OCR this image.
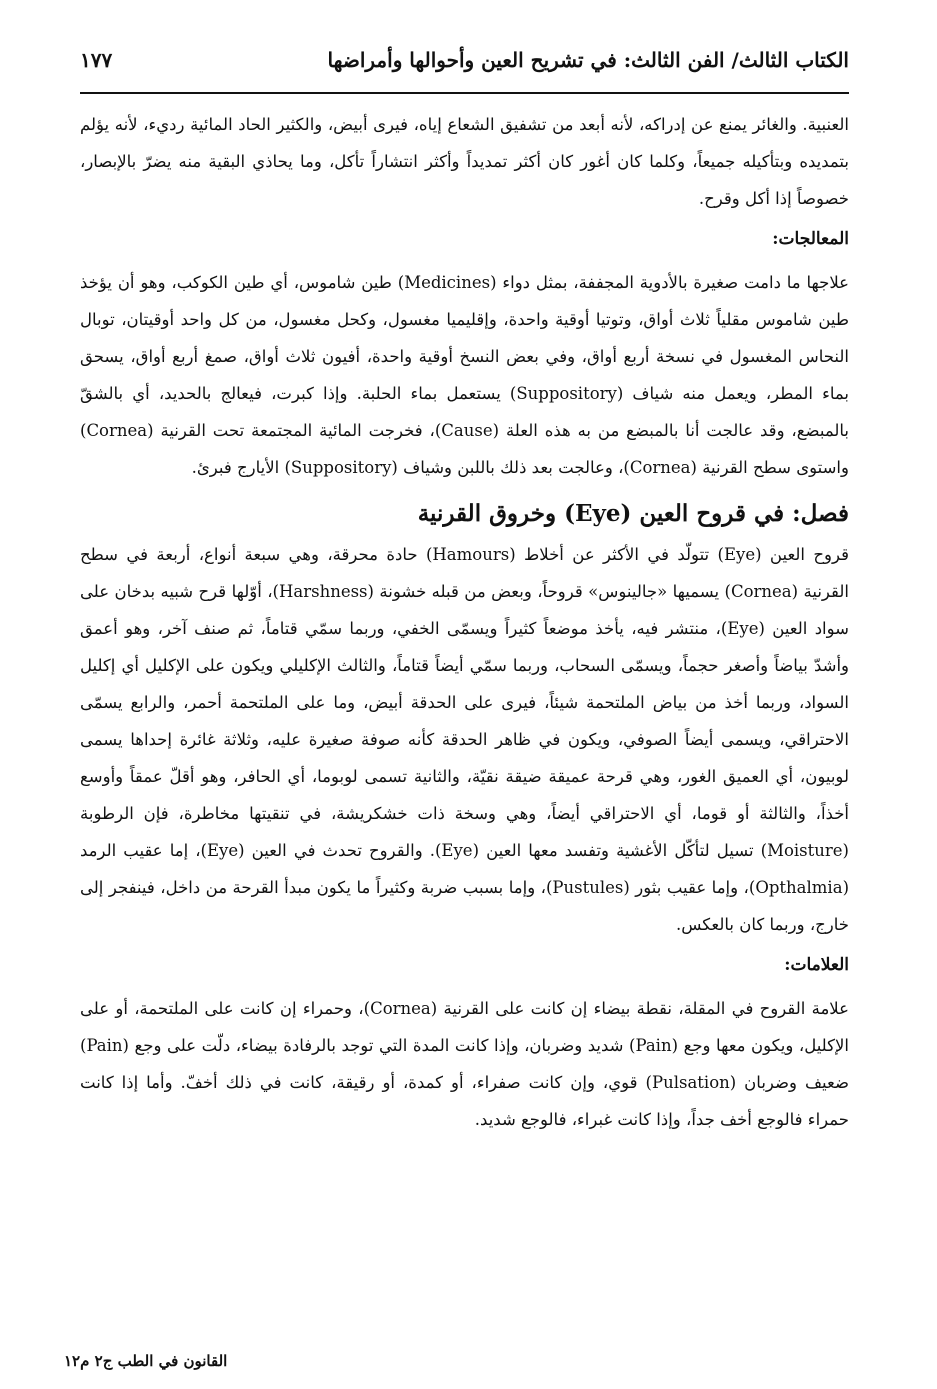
الكتاب الثالث/ الفن الثالث: في تشريح العين وأحوالها وأمراضها
١٧٧

العنبية. والغائر يمنع عن إدراكه، لأنه أبعد من تشفيق الشعاع إياه، فيرى أبيض، والكثير الحاد المائية رديء، لأنه يؤلم بتمديده وبتأكيله جميعاً، وكلما كان أغور كان أكثر تمديداً وأكثر انتشاراً تأكل، وما يحاذي البقية منه يضرّ بالإبصار، خصوصاً إذا أكل وقرح.

المعالجات:

علاجها ما دامت صغيرة بالأدوية المجففة، بمثل دواء (Medicines) طين شاموس، أي طين الكوكب، وهو أن يؤخذ طين شاموس مقلياً ثلاث أواق، وتوتيا أوقية واحدة، وإقليميا مغسول، وكحل مغسول، من كل واحد أوقيتان، توبال النحاس المغسول في نسخة أربع أواق، وفي بعض النسخ أوقية واحدة، أفيون ثلاث أواق، صمغ أربع أواق، يسحق بماء المطر، ويعمل منه شياف (Suppository) يستعمل بماء الحلبة. وإذا كبرت، فيعالج بالحديد، أي بالشقّ بالمبضع، وقد عالجت أنا بالمبضع من به هذه العلة (Cause)، فخرجت المائية المجتمعة تحت القرنية (Cornea) واستوى سطح القرنية (Cornea)، وعالجت بعد ذلك باللبن وشياف (Suppository) الأيارج فبرئ.

فصل: في قروح العين (Eye) وخروق القرنية

قروح العين (Eye) تتولّد في الأكثر عن أخلاط (Hamours) حادة محرقة، وهي سبعة أنواع، أربعة في سطح القرنية (Cornea) يسميها «جالينوس» قروحاً، وبعض من قبله خشونة (Harshness)، أوّلها قرح شبيه بدخان على سواد العين (Eye)، منتشر فيه، يأخذ موضعاً كثيراً ويسمّى الخفي، وربما سمّي قتاماً، ثم صنف آخر، وهو أعمق وأشدّ بياضاً وأصغر حجماً، ويسمّى السحاب، وربما سمّي أيضاً قتاماً، والثالث الإكليلي ويكون على الإكليل أي إكليل السواد، وربما أخذ من بياض الملتحمة شيئاً، فيرى على الحدقة أبيض، وما على الملتحمة أحمر، والرابع يسمّى الاحتراقي، ويسمى أيضاً الصوفي، ويكون في ظاهر الحدقة كأنه صوفة صغيرة عليه، وثلاثة غائرة إحداها يسمى لوبيون، أي العميق الغور، وهي قرحة عميقة ضيقة نقيّة، والثانية تسمى لوبوما، أي الحافر، وهو أقلّ عمقاً وأوسع أخذاً، والثالثة أو قوما، أي الاحتراقي أيضاً، وهي وسخة ذات خشكريشة، في تنقيتها مخاطرة، فإن الرطوبة (Moisture) تسيل لتأكّل الأغشية وتفسد معها العين (Eye). والقروح تحدث في العين (Eye)، إما عقيب الرمد (Opthalmia)، وإما عقيب بثور (Pustules)، وإما بسبب ضربة وكثيراً ما يكون مبدأ القرحة من داخل، فينفجر إلى خارج، وربما كان بالعكس.

العلامات:

علامة القروح في المقلة، نقطة بيضاء إن كانت على القرنية (Cornea)، وحمراء إن كانت على الملتحمة، أو على الإكليل، ويكون معها وجع (Pain) شديد وضربان، وإذا كانت المدة التي توجد بالرفادة بيضاء، دلّت على وجع (Pain) ضعيف وضربان (Pulsation) قوي، وإن كانت صفراء، أو كمدة، أو رقيقة، كانت في ذلك أخفّ. وأما إذا كانت حمراء فالوجع أخف جداً، وإذا كانت غبراء، فالوجع شديد.

القانون في الطب ج٢ م١٢
